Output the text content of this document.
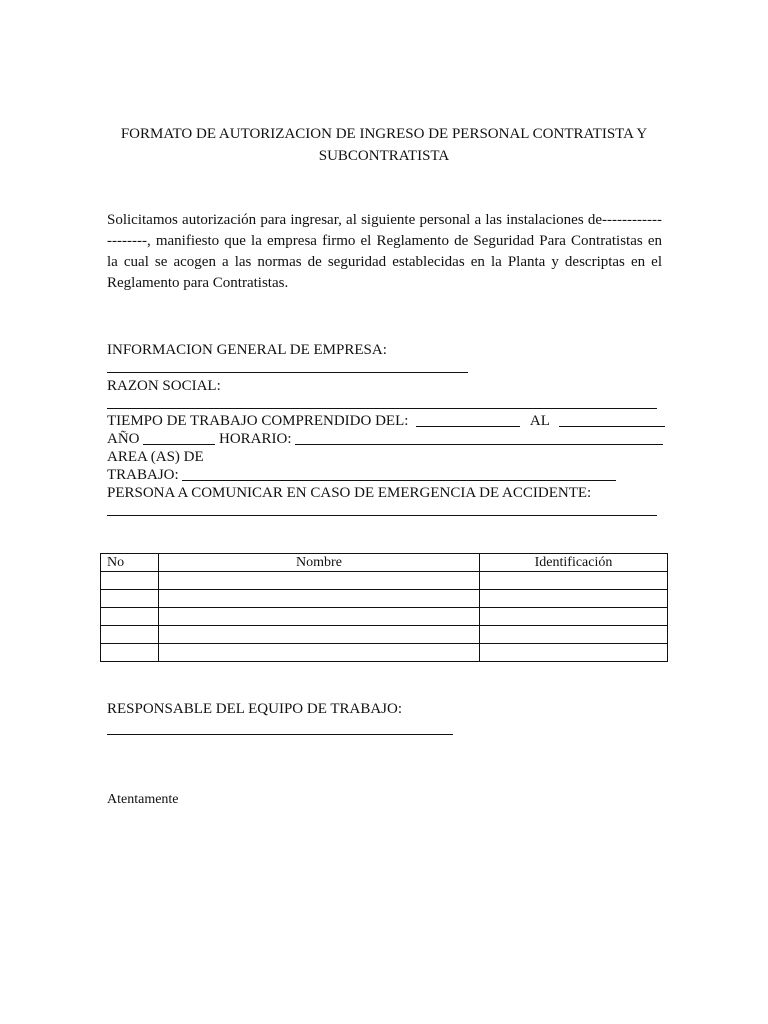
FORMATO DE AUTORIZACION DE INGRESO DE PERSONAL CONTRATISTA Y
SUBCONTRATISTA
Solicitamos autorización para ingresar, al siguiente personal a las instalaciones de------------
--------, manifiesto que la empresa firmo el Reglamento de Seguridad Para Contratistas en
la cual se acogen a las normas de seguridad establecidas en la Planta y descriptas en el
Reglamento para Contratistas.
INFORMACION GENERAL DE EMPRESA:
RAZON SOCIAL:
TIEMPO DE TRABAJO COMPRENDIDO DEL:	AL
AÑO	HORARIO:
AREA (AS) DE
TRABAJO:
PERSONA A COMUNICAR EN CASO DE EMERGENCIA DE ACCIDENTE:
No	Nombre	Identificación

RESPONSABLE DEL EQUIPO DE TRABAJO:
Atentamente
